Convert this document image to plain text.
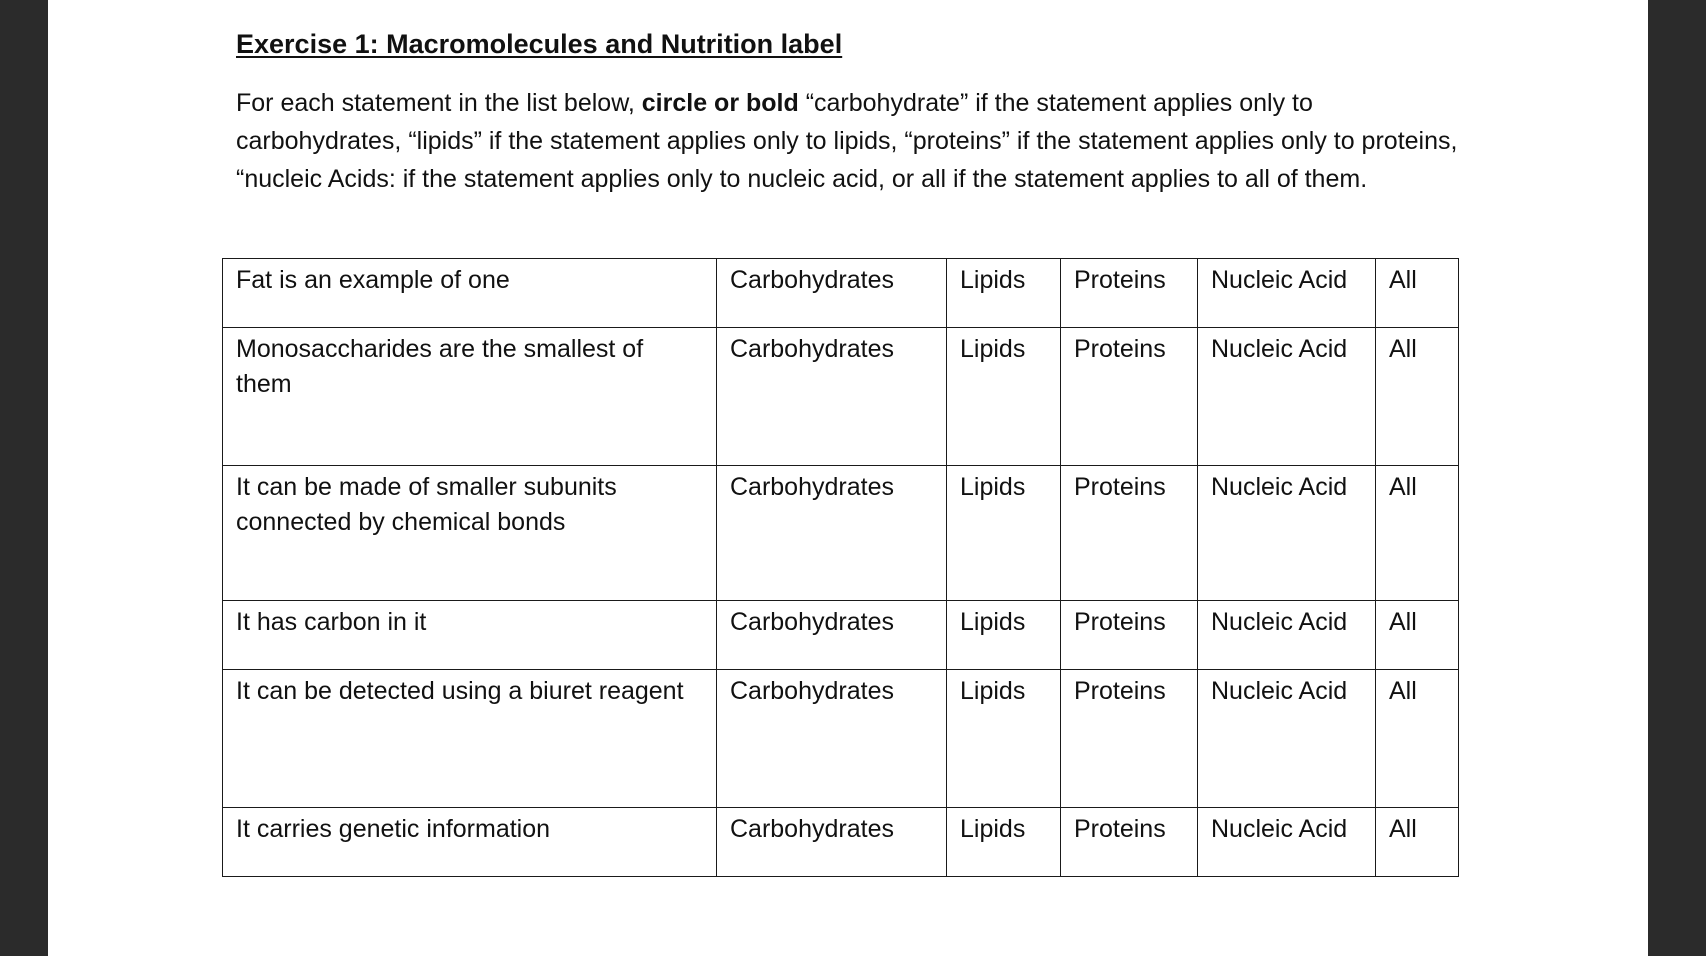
Exercise 1: Macromolecules and Nutrition label

For each statement in the list below, circle or bold “carbohydrate” if the statement applies only to carbohydrates, “lipids” if the statement applies only to lipids, “proteins” if the statement applies only to proteins, “nucleic Acids: if the statement applies only to nucleic acid, or all if the statement applies to all of them.

Fat is an example of one	Carbohydrates	Lipids	Proteins	Nucleic Acid	All
Monosaccharides are the smallest of them	Carbohydrates	Lipids	Proteins	Nucleic Acid	All
It can be made of smaller subunits connected by chemical bonds	Carbohydrates	Lipids	Proteins	Nucleic Acid	All
It has carbon in it	Carbohydrates	Lipids	Proteins	Nucleic Acid	All
It can be detected using a biuret reagent	Carbohydrates	Lipids	Proteins	Nucleic Acid	All
It carries genetic information	Carbohydrates	Lipids	Proteins	Nucleic Acid	All
